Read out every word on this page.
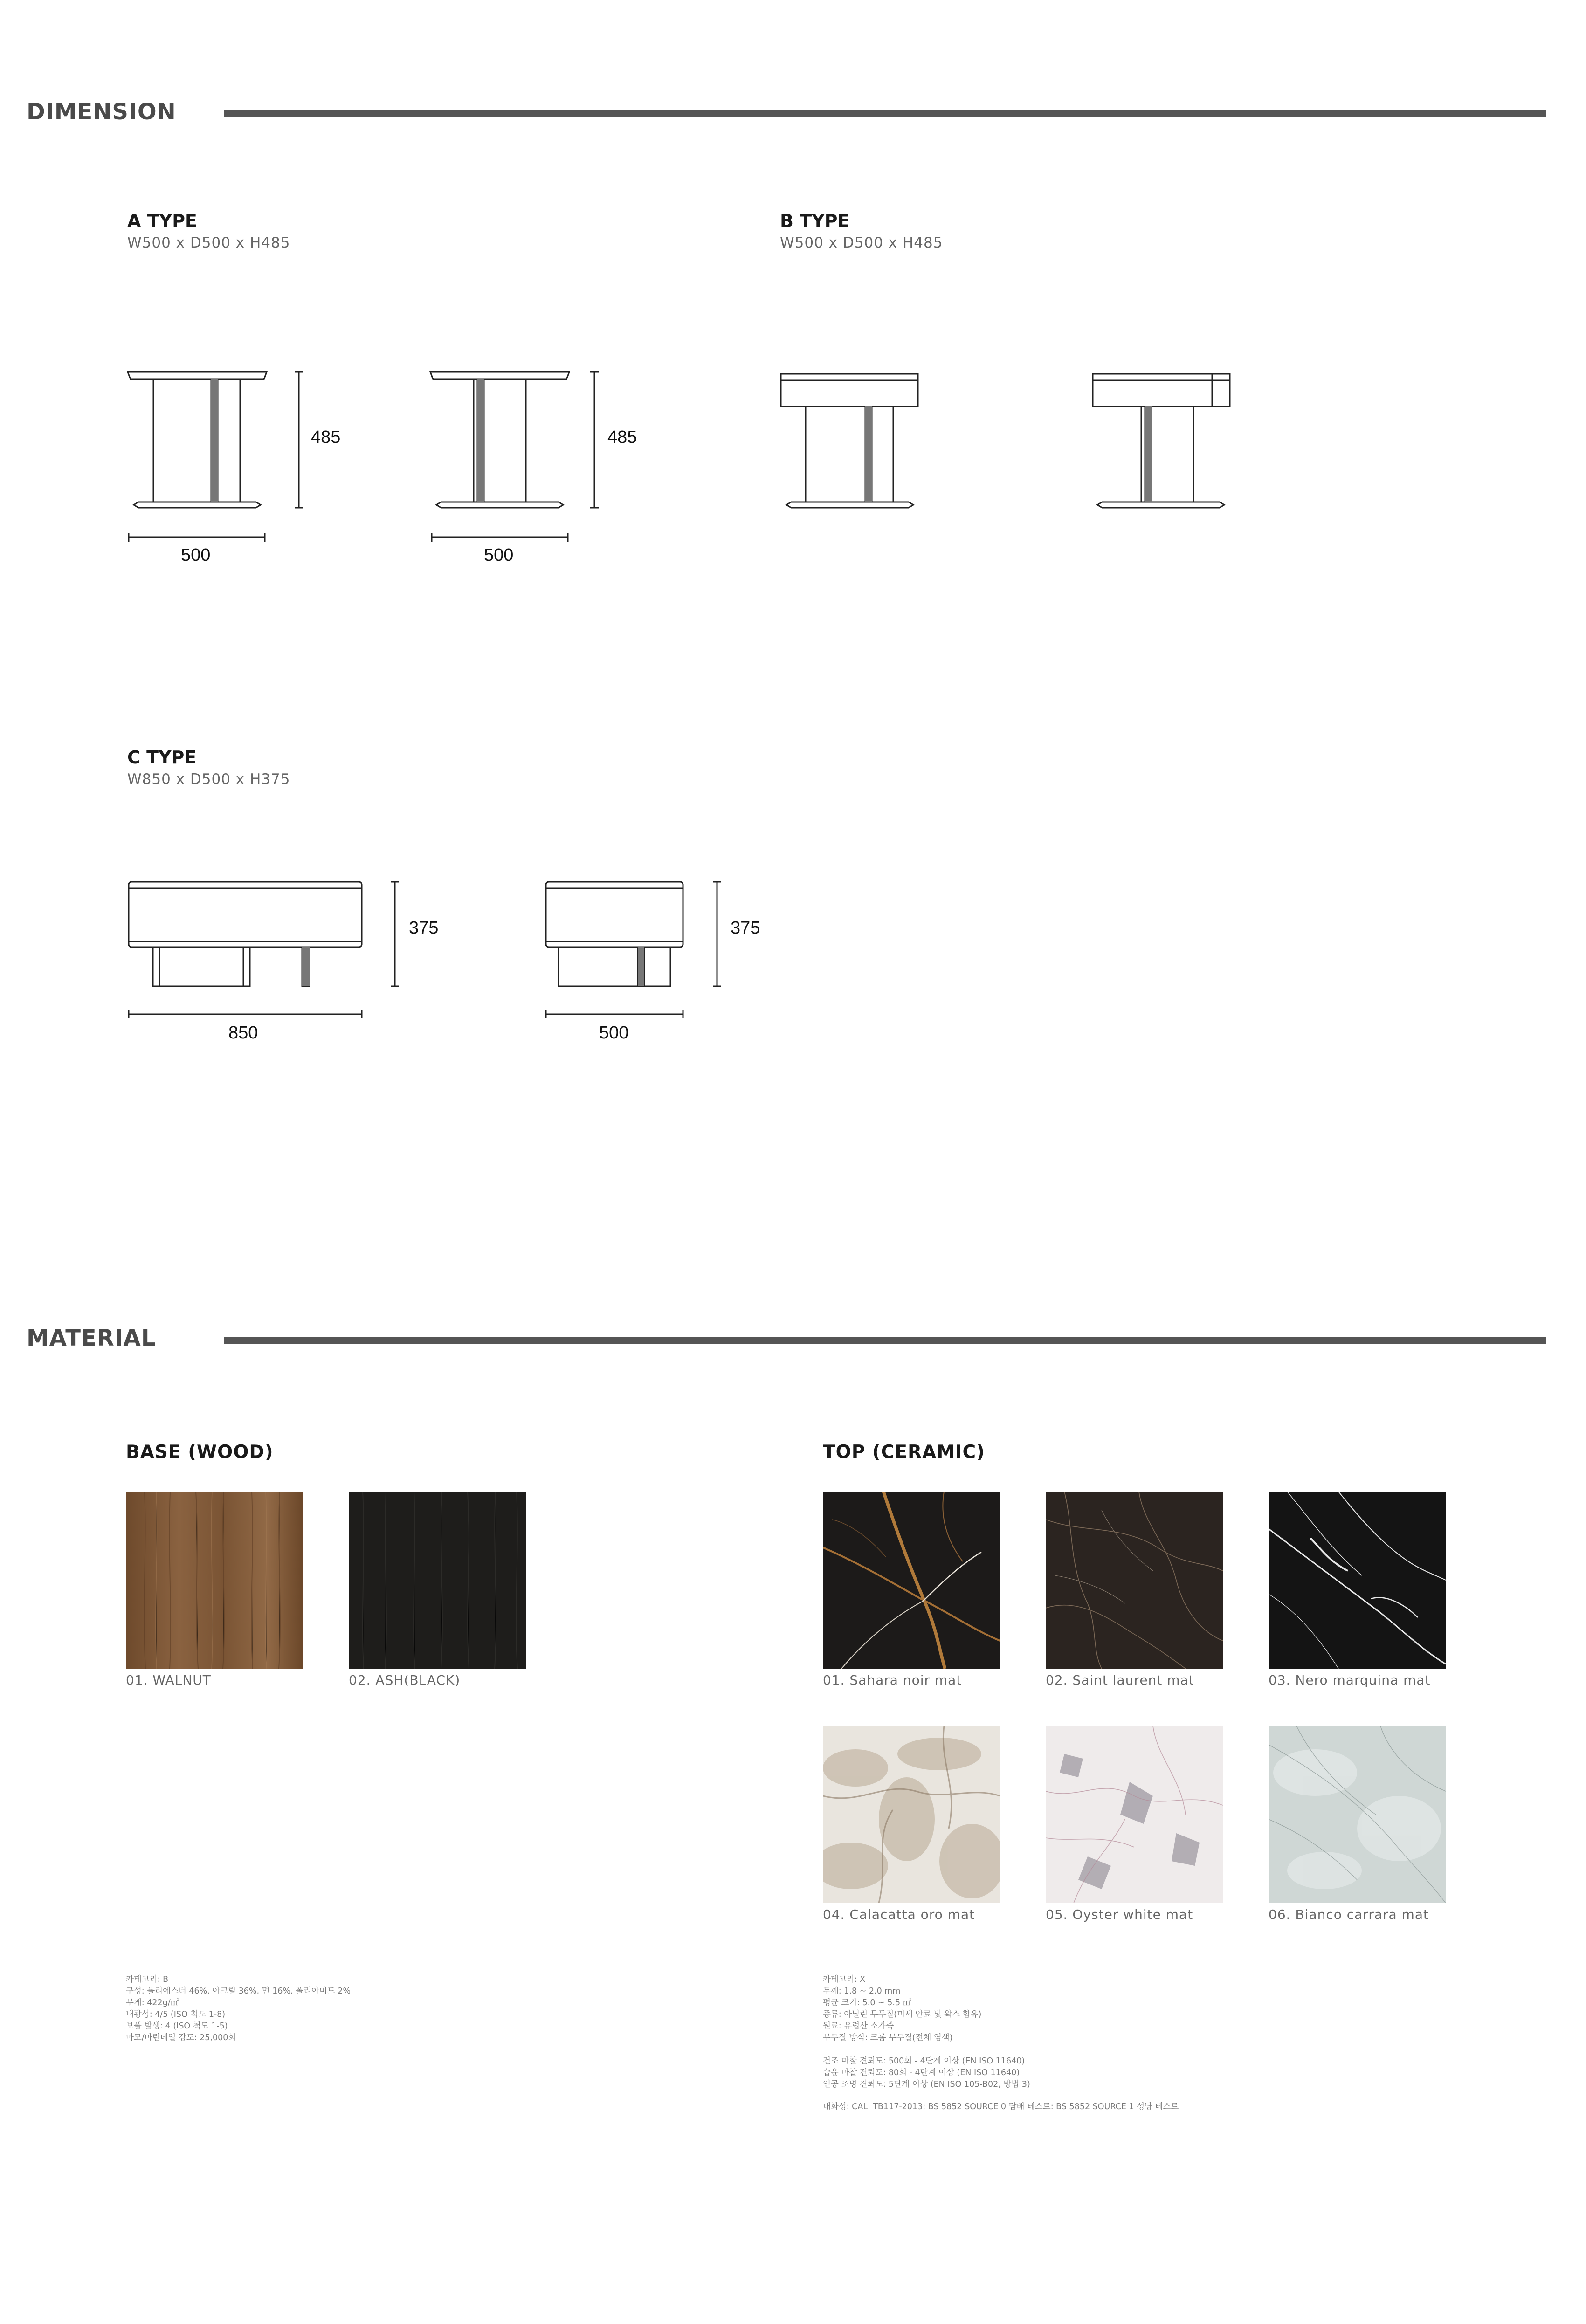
DIMENSION
A TYPE
W500 x D500 x H485
485
500
485
500
B TYPE
W500 x D500 x H485
C TYPE
W850 x D500 x H375
375
850
375
500
MATERIAL
BASE (WOOD)
01. WALNUT	02. ASH(BLACK)
TOP (CERAMIC)
01. Sahara noir mat	02. Saint laurent mat	03. Nero marquina mat
04. Calacatta oro mat	05. Oyster white mat	06. Bianco carrara mat
카테고리: B
구성: 폴리에스터 46%, 아크릴 36%, 면 16%, 폴리아미드 2%
무게: 422g/㎡
내광성: 4/5 (ISO 척도 1-8)
보풀 발생: 4 (ISO 척도 1-5)
마모/마틴데일 강도: 25,000회
카테고리: X
두께: 1.8 ~ 2.0 mm
평균 크기: 5.0 ~ 5.5 ㎡
종류: 아닐린 무두질(미세 안료 및 왁스 함유)
원료: 유럽산 소가죽
무두질 방식: 크롬 무두질(전체 염색)
건조 마찰 견뢰도: 500회 - 4단계 이상 (EN ISO 11640)
습윤 마찰 견뢰도: 80회 - 4단계 이상 (EN ISO 11640)
인공 조명 견뢰도: 5단계 이상 (EN ISO 105-B02, 방법 3)
내화성: CAL. TB117-2013: BS 5852 SOURCE 0 담배 테스트: BS 5852 SOURCE 1 성냥 테스트
